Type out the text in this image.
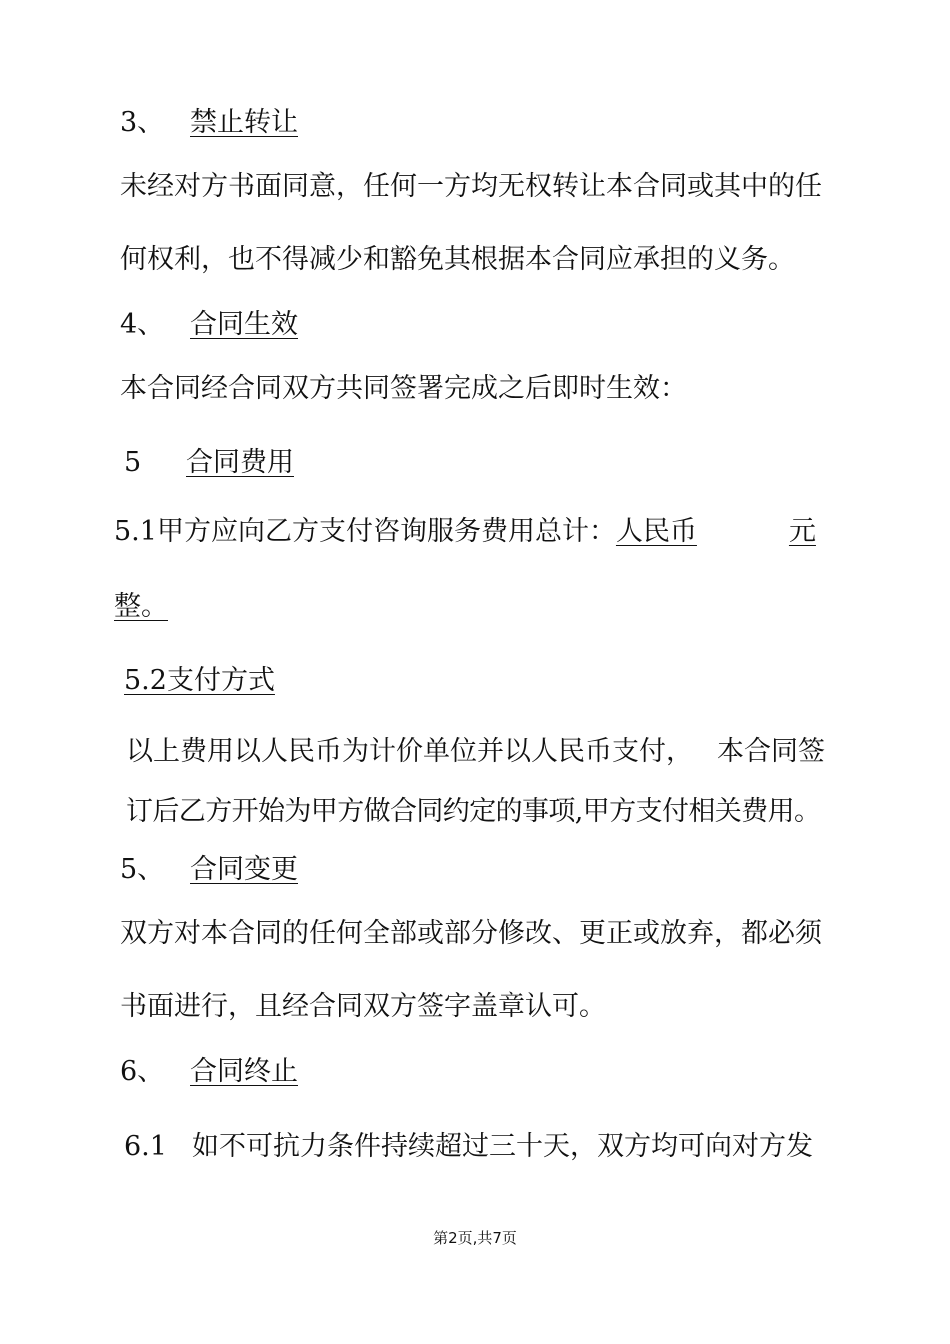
3、 禁止转让
未经对方书面同意，任何一方均无权转让本合同或其中的任
何权利，也不得减少和豁免其根据本合同应承担的义务。
4、 合同生效
本合同经合同双方共同签署完成之后即时生效：
5 合同费用
5.1甲方应向乙方支付咨询服务费用总计：人民币	元
整。
5.2支付方式
以上费用以人民币为计价单位并以人民币支付， 本合同签
订后乙方开始为甲方做合同约定的事项,甲方支付相关费用。
5、 合同变更
双方对本合同的任何全部或部分修改、更正或放弃，都必须
书面进行，且经合同双方签字盖章认可。
6、 合同终止
6.1 如不可抗力条件持续超过三十天，双方均可向对方发
第2页,共7页
